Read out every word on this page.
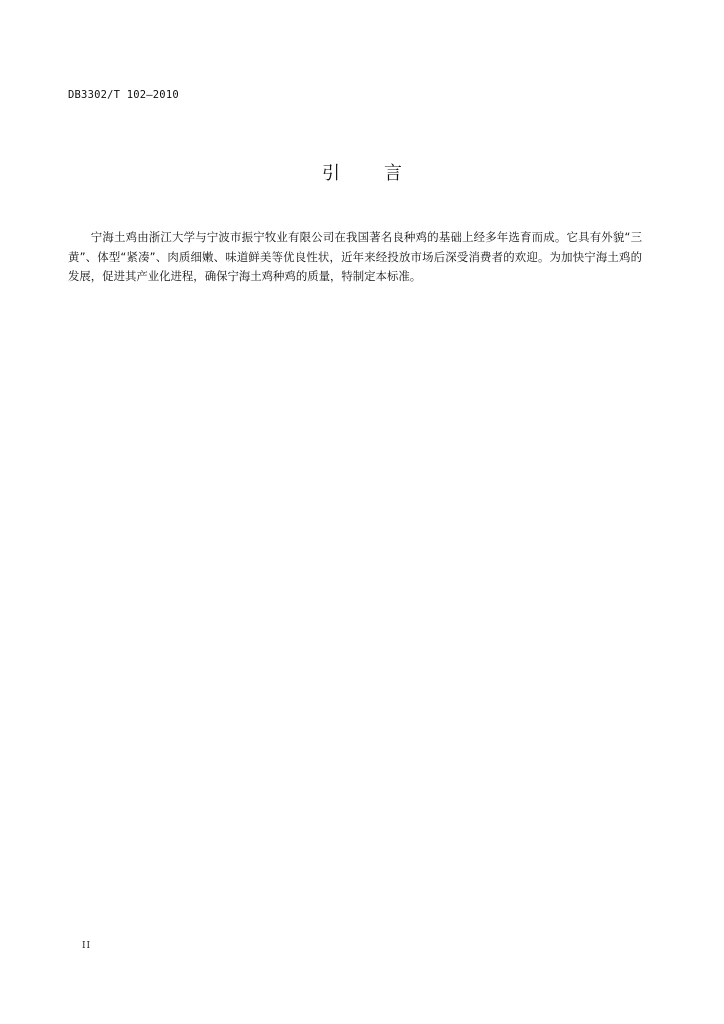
DB3302/T 102—2010
引 言

宁海土鸡由浙江大学与宁波市振宁牧业有限公司在我国著名良种鸡的基础上经多年选育而成。它具有外貌“三黄”、体型“紧凑”、肉质细嫩、味道鲜美等优良性状，近年来经投放市场后深受消费者的欢迎。为加快宁海土鸡的发展，促进其产业化进程，确保宁海土鸡种鸡的质量，特制定本标准。

II
